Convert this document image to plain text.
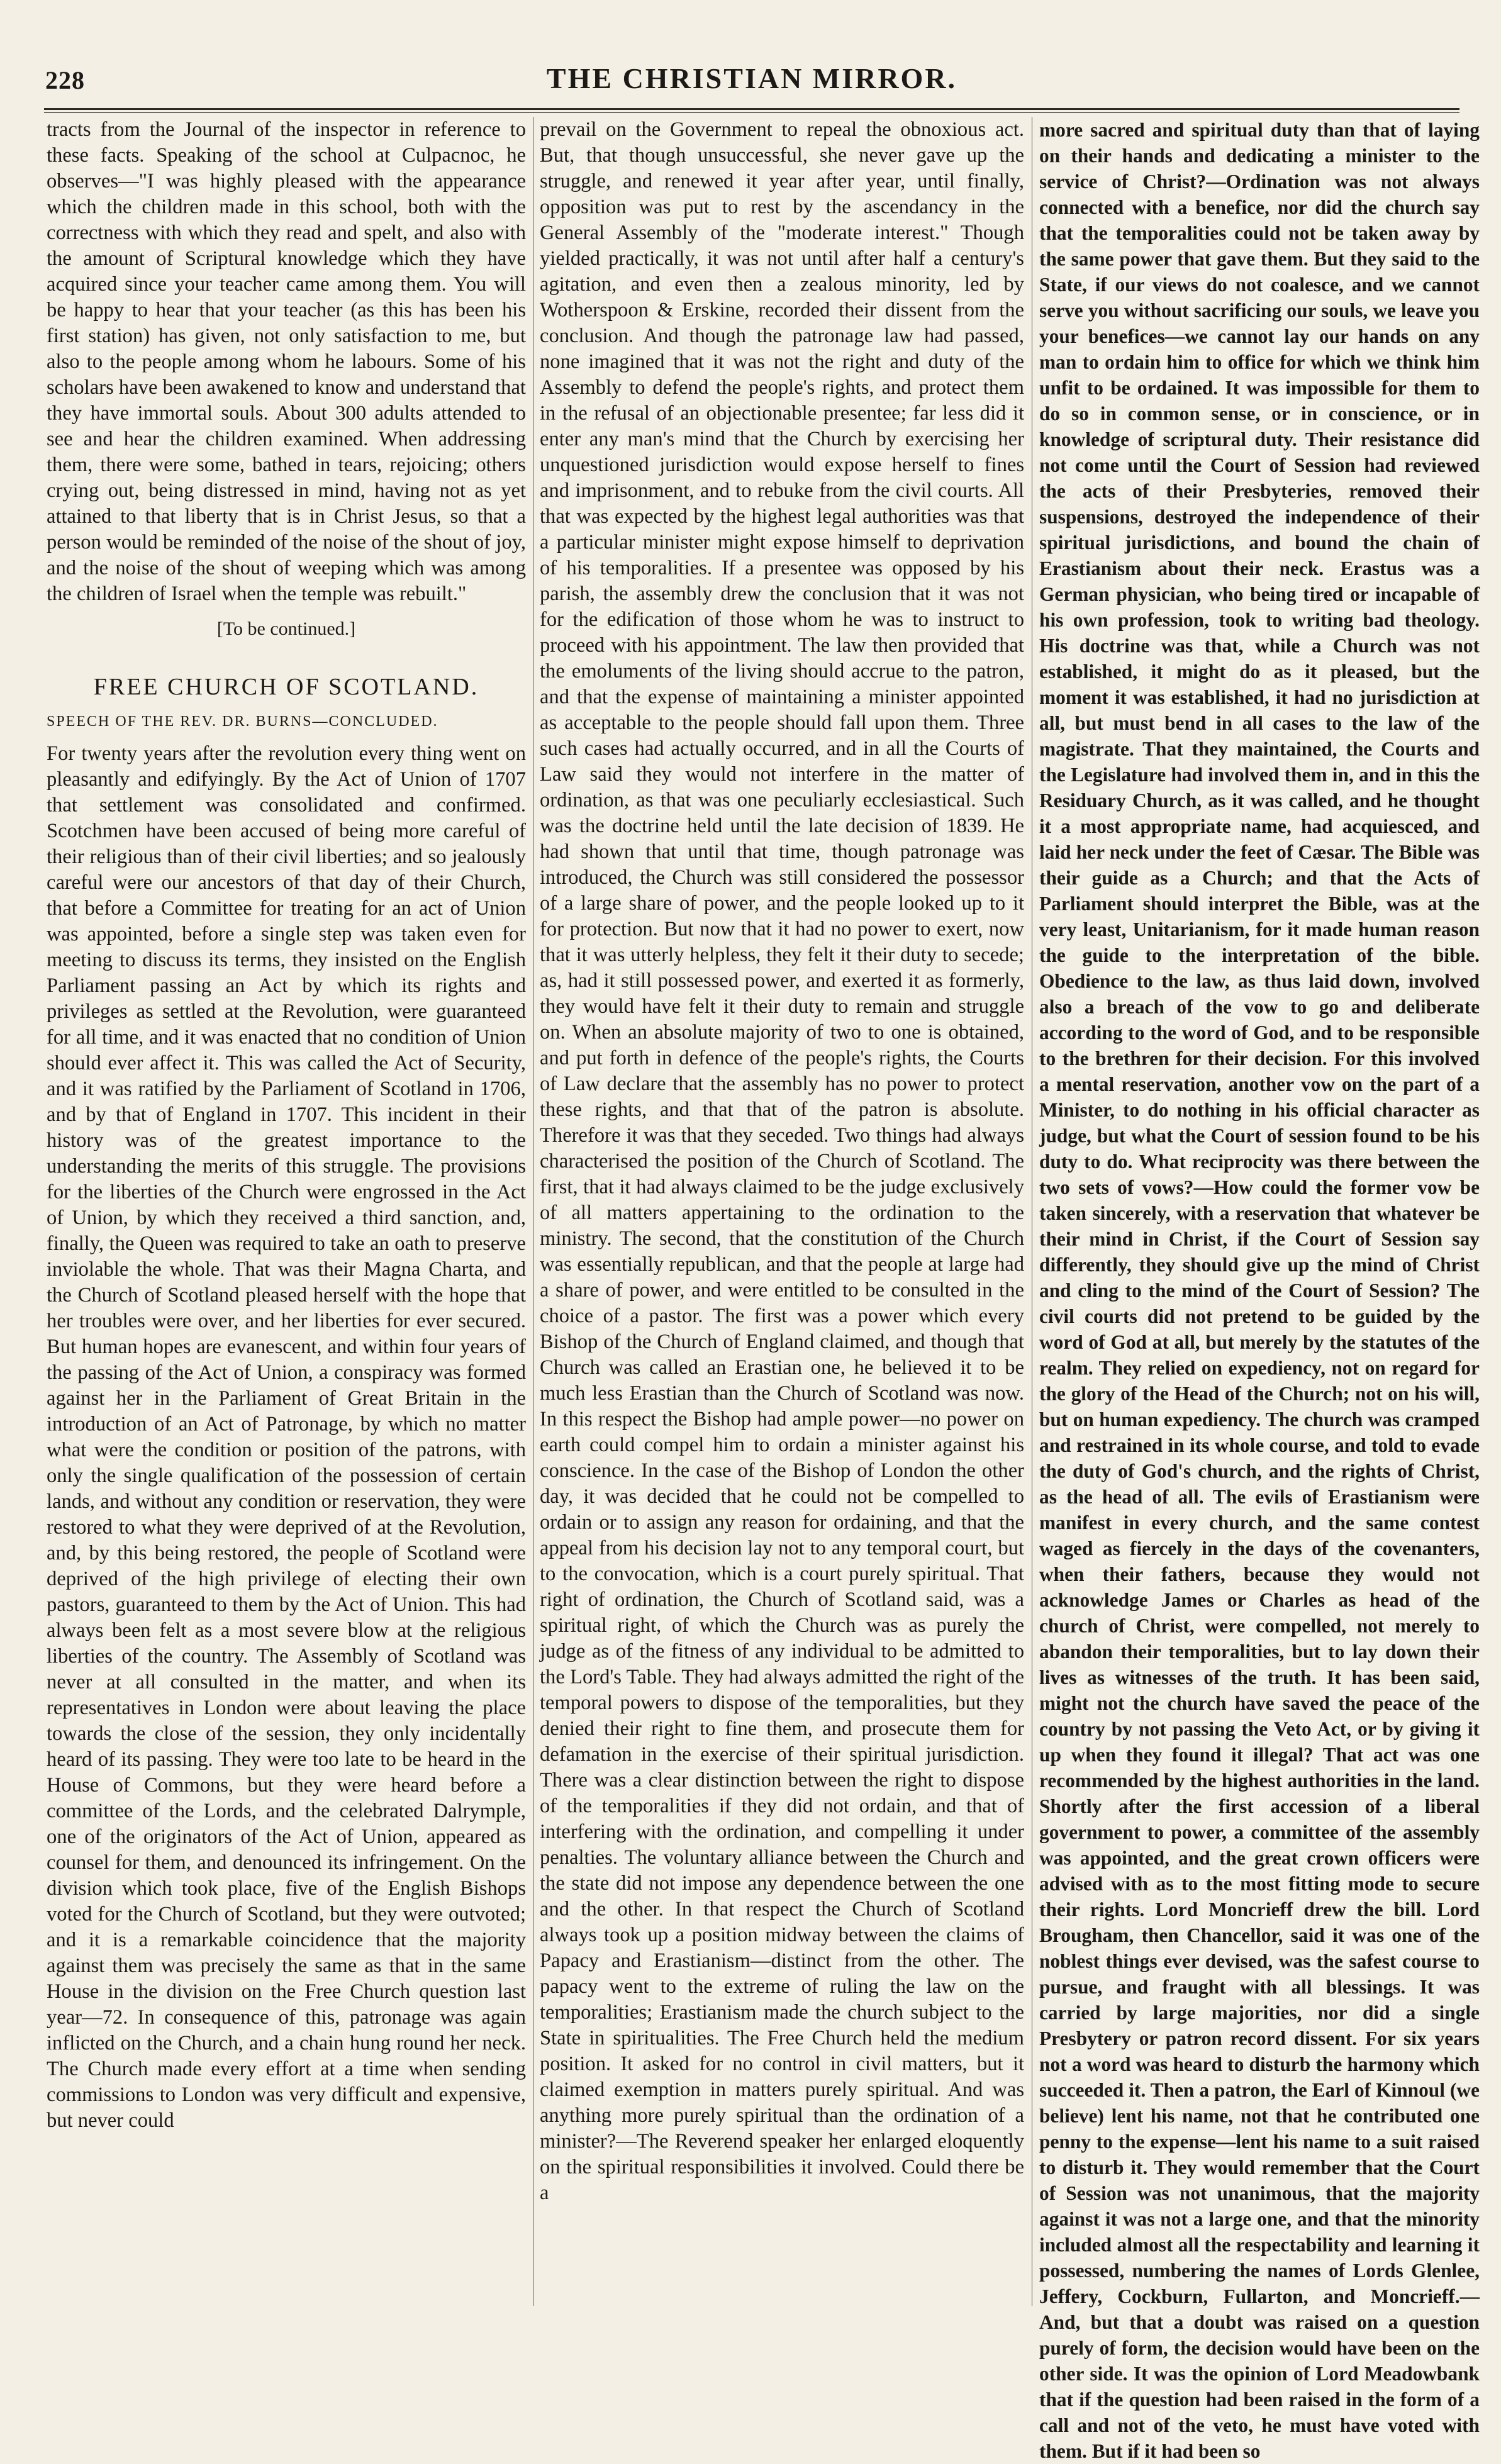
228	THE CHRISTIAN MIRROR.

tracts from the Journal of the inspector in reference to these facts. Speaking of the school at Culpacnoc, he observes—"I was highly pleased with the appearance which the children made in this school, both with the correctness with which they read and spelt, and also with the amount of Scriptural knowledge which they have acquired since your teacher came among them. You will be happy to hear that your teacher (as this has been his first station) has given, not only satisfaction to me, but also to the people among whom he labours. Some of his scholars have been awakened to know and understand that they have immortal souls. About 300 adults attended to see and hear the children examined. When addressing them, there were some, bathed in tears, rejoicing; others crying out, being distressed in mind, having not as yet attained to that liberty that is in Christ Jesus, so that a person would be reminded of the noise of the shout of joy, and the noise of the shout of weeping which was among the children of Israel when the temple was rebuilt."

[To be continued.]

FREE CHURCH OF SCOTLAND.

SPEECH OF THE REV. DR. BURNS—CONCLUDED.

For twenty years after the revolution every thing went on pleasantly and edifyingly. By the Act of Union of 1707 that settlement was consolidated and confirmed. Scotchmen have been accused of being more careful of their religious than of their civil liberties; and so jealously careful were our ancestors of that day of their Church, that before a Committee for treating for an act of Union was appointed, before a single step was taken even for meeting to discuss its terms, they insisted on the English Parliament passing an Act by which its rights and privileges as settled at the Revolution, were guaranteed for all time, and it was enacted that no condition of Union should ever affect it. This was called the Act of Security, and it was ratified by the Parliament of Scotland in 1706, and by that of England in 1707. This incident in their history was of the greatest importance to the understanding the merits of this struggle. The provisions for the liberties of the Church were engrossed in the Act of Union, by which they received a third sanction, and, finally, the Queen was required to take an oath to preserve inviolable the whole. That was their Magna Charta, and the Church of Scotland pleased herself with the hope that her troubles were over, and her liberties for ever secured. But human hopes are evanescent, and within four years of the passing of the Act of Union, a conspiracy was formed against her in the Parliament of Great Britain in the introduction of an Act of Patronage, by which no matter what were the condition or position of the patrons, with only the single qualification of the possession of certain lands, and without any condition or reservation, they were restored to what they were deprived of at the Revolution, and, by this being restored, the people of Scotland were deprived of the high privilege of electing their own pastors, guaranteed to them by the Act of Union. This had always been felt as a most severe blow at the religious liberties of the country. The Assembly of Scotland was never at all consulted in the matter, and when its representatives in London were about leaving the place towards the close of the session, they only incidentally heard of its passing. They were too late to be heard in the House of Commons, but they were heard before a committee of the Lords, and the celebrated Dalrymple, one of the originators of the Act of Union, appeared as counsel for them, and denounced its infringement. On the division which took place, five of the English Bishops voted for the Church of Scotland, but they were outvoted; and it is a remarkable coincidence that the majority against them was precisely the same as that in the same House in the division on the Free Church question last year—72. In consequence of this, patronage was again inflicted on the Church, and a chain hung round her neck. The Church made every effort at a time when sending commissions to London was very difficult and expensive, but never could

prevail on the Government to repeal the obnoxious act. But, that though unsuccessful, she never gave up the struggle, and renewed it year after year, until finally, opposition was put to rest by the ascendancy in the General Assembly of the "moderate interest." Though yielded practically, it was not until after half a century's agitation, and even then a zealous minority, led by Wotherspoon & Erskine, recorded their dissent from the conclusion. And though the patronage law had passed, none imagined that it was not the right and duty of the Assembly to defend the people's rights, and protect them in the refusal of an objectionable presentee; far less did it enter any man's mind that the Church by exercising her unquestioned jurisdiction would expose herself to fines and imprisonment, and to rebuke from the civil courts. All that was expected by the highest legal authorities was that a particular minister might expose himself to deprivation of his temporalities. If a presentee was opposed by his parish, the assembly drew the conclusion that it was not for the edification of those whom he was to instruct to proceed with his appointment. The law then provided that the emoluments of the living should accrue to the patron, and that the expense of maintaining a minister appointed as acceptable to the people should fall upon them. Three such cases had actually occurred, and in all the Courts of Law said they would not interfere in the matter of ordination, as that was one peculiarly ecclesiastical. Such was the doctrine held until the late decision of 1839. He had shown that until that time, though patronage was introduced, the Church was still considered the possessor of a large share of power, and the people looked up to it for protection. But now that it had no power to exert, now that it was utterly helpless, they felt it their duty to secede; as, had it still possessed power, and exerted it as formerly, they would have felt it their duty to remain and struggle on. When an absolute majority of two to one is obtained, and put forth in defence of the people's rights, the Courts of Law declare that the assembly has no power to protect these rights, and that that of the patron is absolute. Therefore it was that they seceded. Two things had always characterised the position of the Church of Scotland. The first, that it had always claimed to be the judge exclusively of all matters appertaining to the ordination to the ministry. The second, that the constitution of the Church was essentially republican, and that the people at large had a share of power, and were entitled to be consulted in the choice of a pastor. The first was a power which every Bishop of the Church of England claimed, and though that Church was called an Erastian one, he believed it to be much less Erastian than the Church of Scotland was now. In this respect the Bishop had ample power—no power on earth could compel him to ordain a minister against his conscience. In the case of the Bishop of London the other day, it was decided that he could not be compelled to ordain or to assign any reason for ordaining, and that the appeal from his decision lay not to any temporal court, but to the convocation, which is a court purely spiritual. That right of ordination, the Church of Scotland said, was a spiritual right, of which the Church was as purely the judge as of the fitness of any individual to be admitted to the Lord's Table. They had always admitted the right of the temporal powers to dispose of the temporalities, but they denied their right to fine them, and prosecute them for defamation in the exercise of their spiritual jurisdiction. There was a clear distinction between the right to dispose of the temporalities if they did not ordain, and that of interfering with the ordination, and compelling it under penalties. The voluntary alliance between the Church and the state did not impose any dependence between the one and the other. In that respect the Church of Scotland always took up a position midway between the claims of Papacy and Erastianism—distinct from the other. The papacy went to the extreme of ruling the law on the temporalities; Erastianism made the church subject to the State in spiritualities. The Free Church held the medium position. It asked for no control in civil matters, but it claimed exemption in matters purely spiritual. And was anything more purely spiritual than the ordination of a minister?—The Reverend speaker her enlarged eloquently on the spiritual responsibilities it involved. Could there be a

more sacred and spiritual duty than that of laying on their hands and dedicating a minister to the service of Christ?—Ordination was not always connected with a benefice, nor did the church say that the temporalities could not be taken away by the same power that gave them. But they said to the State, if our views do not coalesce, and we cannot serve you without sacrificing our souls, we leave you your benefices—we cannot lay our hands on any man to ordain him to office for which we think him unfit to be ordained. It was impossible for them to do so in common sense, or in conscience, or in knowledge of scriptural duty. Their resistance did not come until the Court of Session had reviewed the acts of their Presbyteries, removed their suspensions, destroyed the independence of their spiritual jurisdictions, and bound the chain of Erastianism about their neck. Erastus was a German physician, who being tired or incapable of his own profession, took to writing bad theology. His doctrine was that, while a Church was not established, it might do as it pleased, but the moment it was established, it had no jurisdiction at all, but must bend in all cases to the law of the magistrate. That they maintained, the Courts and the Legislature had involved them in, and in this the Residuary Church, as it was called, and he thought it a most appropriate name, had acquiesced, and laid her neck under the feet of Cæsar. The Bible was their guide as a Church; and that the Acts of Parliament should interpret the Bible, was at the very least, Unitarianism, for it made human reason the guide to the interpretation of the bible. Obedience to the law, as thus laid down, involved also a breach of the vow to go and deliberate according to the word of God, and to be responsible to the brethren for their decision. For this involved a mental reservation, another vow on the part of a Minister, to do nothing in his official character as judge, but what the Court of session found to be his duty to do. What reciprocity was there between the two sets of vows?—How could the former vow be taken sincerely, with a reservation that whatever be their mind in Christ, if the Court of Session say differently, they should give up the mind of Christ and cling to the mind of the Court of Session? The civil courts did not pretend to be guided by the word of God at all, but merely by the statutes of the realm. They relied on expediency, not on regard for the glory of the Head of the Church; not on his will, but on human expediency. The church was cramped and restrained in its whole course, and told to evade the duty of God's church, and the rights of Christ, as the head of all. The evils of Erastianism were manifest in every church, and the same contest waged as fiercely in the days of the covenanters, when their fathers, because they would not acknowledge James or Charles as head of the church of Christ, were compelled, not merely to abandon their temporalities, but to lay down their lives as witnesses of the truth. It has been said, might not the church have saved the peace of the country by not passing the Veto Act, or by giving it up when they found it illegal? That act was one recommended by the highest authorities in the land. Shortly after the first accession of a liberal government to power, a committee of the assembly was appointed, and the great crown officers were advised with as to the most fitting mode to secure their rights. Lord Moncrieff drew the bill. Lord Brougham, then Chancellor, said it was one of the noblest things ever devised, was the safest course to pursue, and fraught with all blessings. It was carried by large majorities, nor did a single Presbytery or patron record dissent. For six years not a word was heard to disturb the harmony which succeeded it. Then a patron, the Earl of Kinnoul (we believe) lent his name, not that he contributed one penny to the expense—lent his name to a suit raised to disturb it. They would remember that the Court of Session was not unanimous, that the majority against it was not a large one, and that the minority included almost all the respectability and learning it possessed, numbering the names of Lords Glenlee, Jeffery, Cockburn, Fullarton, and Moncrieff.—And, but that a doubt was raised on a question purely of form, the decision would have been on the other side. It was the opinion of Lord Meadowbank that if the question had been raised in the form of a call and not of the veto, he must have voted with them. But if it had been so
